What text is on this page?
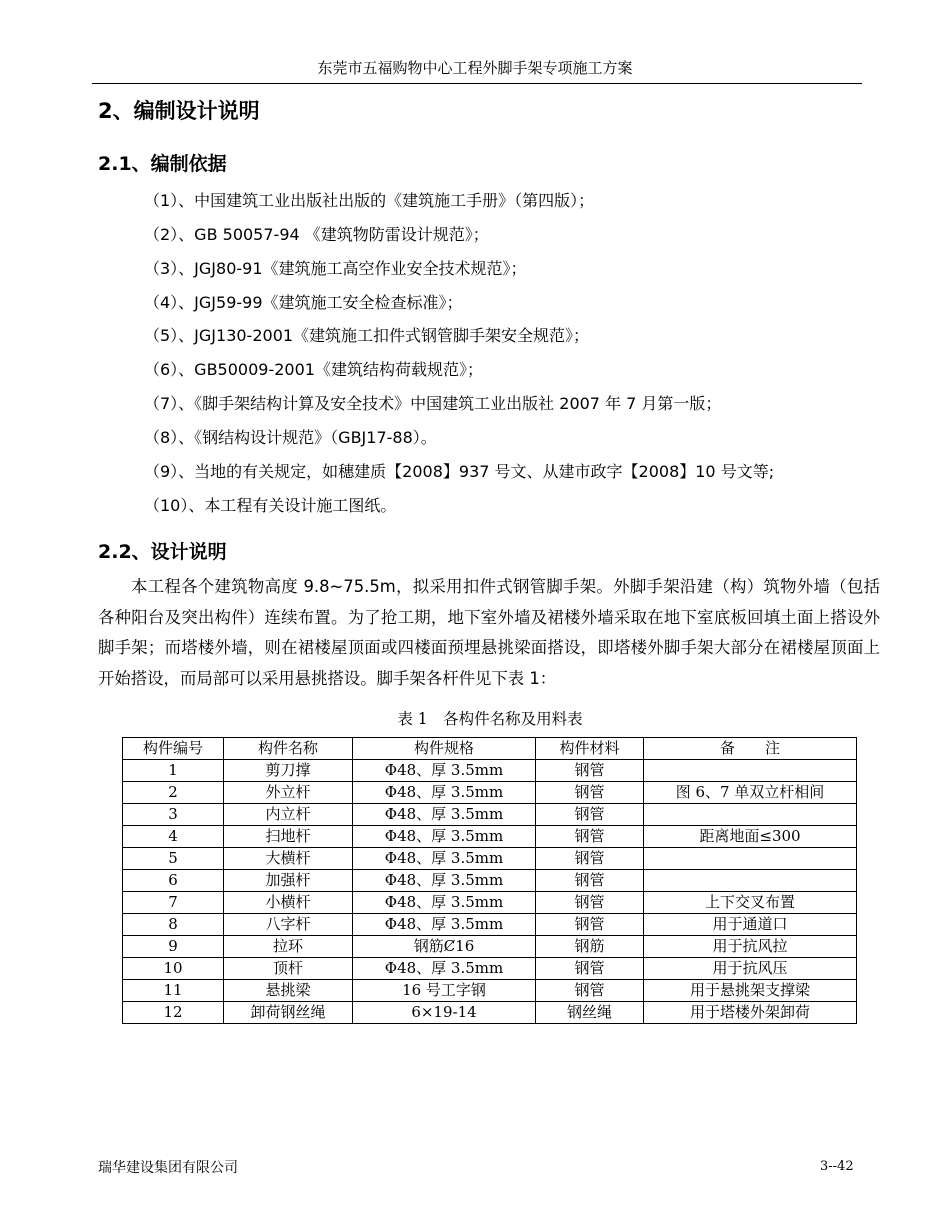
东莞市五福购物中心工程外脚手架专项施工方案
2、编制设计说明
2.1、编制依据
（1）、中国建筑工业出版社出版的《建筑施工手册》（第四版）；
（2）、GB 50057-94 《建筑物防雷设计规范》；
（3）、JGJ80-91《建筑施工高空作业安全技术规范》；
（4）、JGJ59-99《建筑施工安全检查标准》；
（5）、JGJ130-2001《建筑施工扣件式钢管脚手架安全规范》；
（6）、GB50009-2001《建筑结构荷载规范》；
（7）、《脚手架结构计算及安全技术》中国建筑工业出版社 2007 年 7 月第一版；
（8）、《钢结构设计规范》（GBJ17-88）。
（9）、当地的有关规定，如穗建质【2008】937 号文、从建市政字【2008】10 号文等;
（10）、本工程有关设计施工图纸。
2.2、设计说明
本工程各个建筑物高度 9.8~75.5m，拟采用扣件式钢管脚手架。外脚手架沿建（构）筑物外墙（包括各种阳台及突出构件）连续布置。为了抢工期，地下室外墙及裙楼外墙采取在地下室底板回填土面上搭设外脚手架；而塔楼外墙，则在裙楼屋顶面或四楼面预埋悬挑梁面搭设，即塔楼外脚手架大部分在裙楼屋顶面上开始搭设，而局部可以采用悬挑搭设。脚手架各杆件见下表 1：
表 1　各构件名称及用料表
构件编号	构件名称	构件规格	构件材料	备　　注
1	剪刀撑	Φ48、厚 3.5mm	钢管	
2	外立杆	Φ48、厚 3.5mm	钢管	图 6、7 单双立杆相间
3	内立杆	Φ48、厚 3.5mm	钢管	
4	扫地杆	Φ48、厚 3.5mm	钢管	距离地面≤300
5	大横杆	Φ48、厚 3.5mm	钢管	
6	加强杆	Φ48、厚 3.5mm	钢管	
7	小横杆	Φ48、厚 3.5mm	钢管	上下交叉布置
8	八字杆	Φ48、厚 3.5mm	钢管	用于通道口
9	拉环	钢筋Ȼ16	钢筋	用于抗风拉
10	顶杆	Φ48、厚 3.5mm	钢管	用于抗风压
11	悬挑梁	16 号工字钢	钢管	用于悬挑架支撑梁
12	卸荷钢丝绳	6×19-14	钢丝绳	用于塔楼外架卸荷
瑞华建设集团有限公司	3--42
